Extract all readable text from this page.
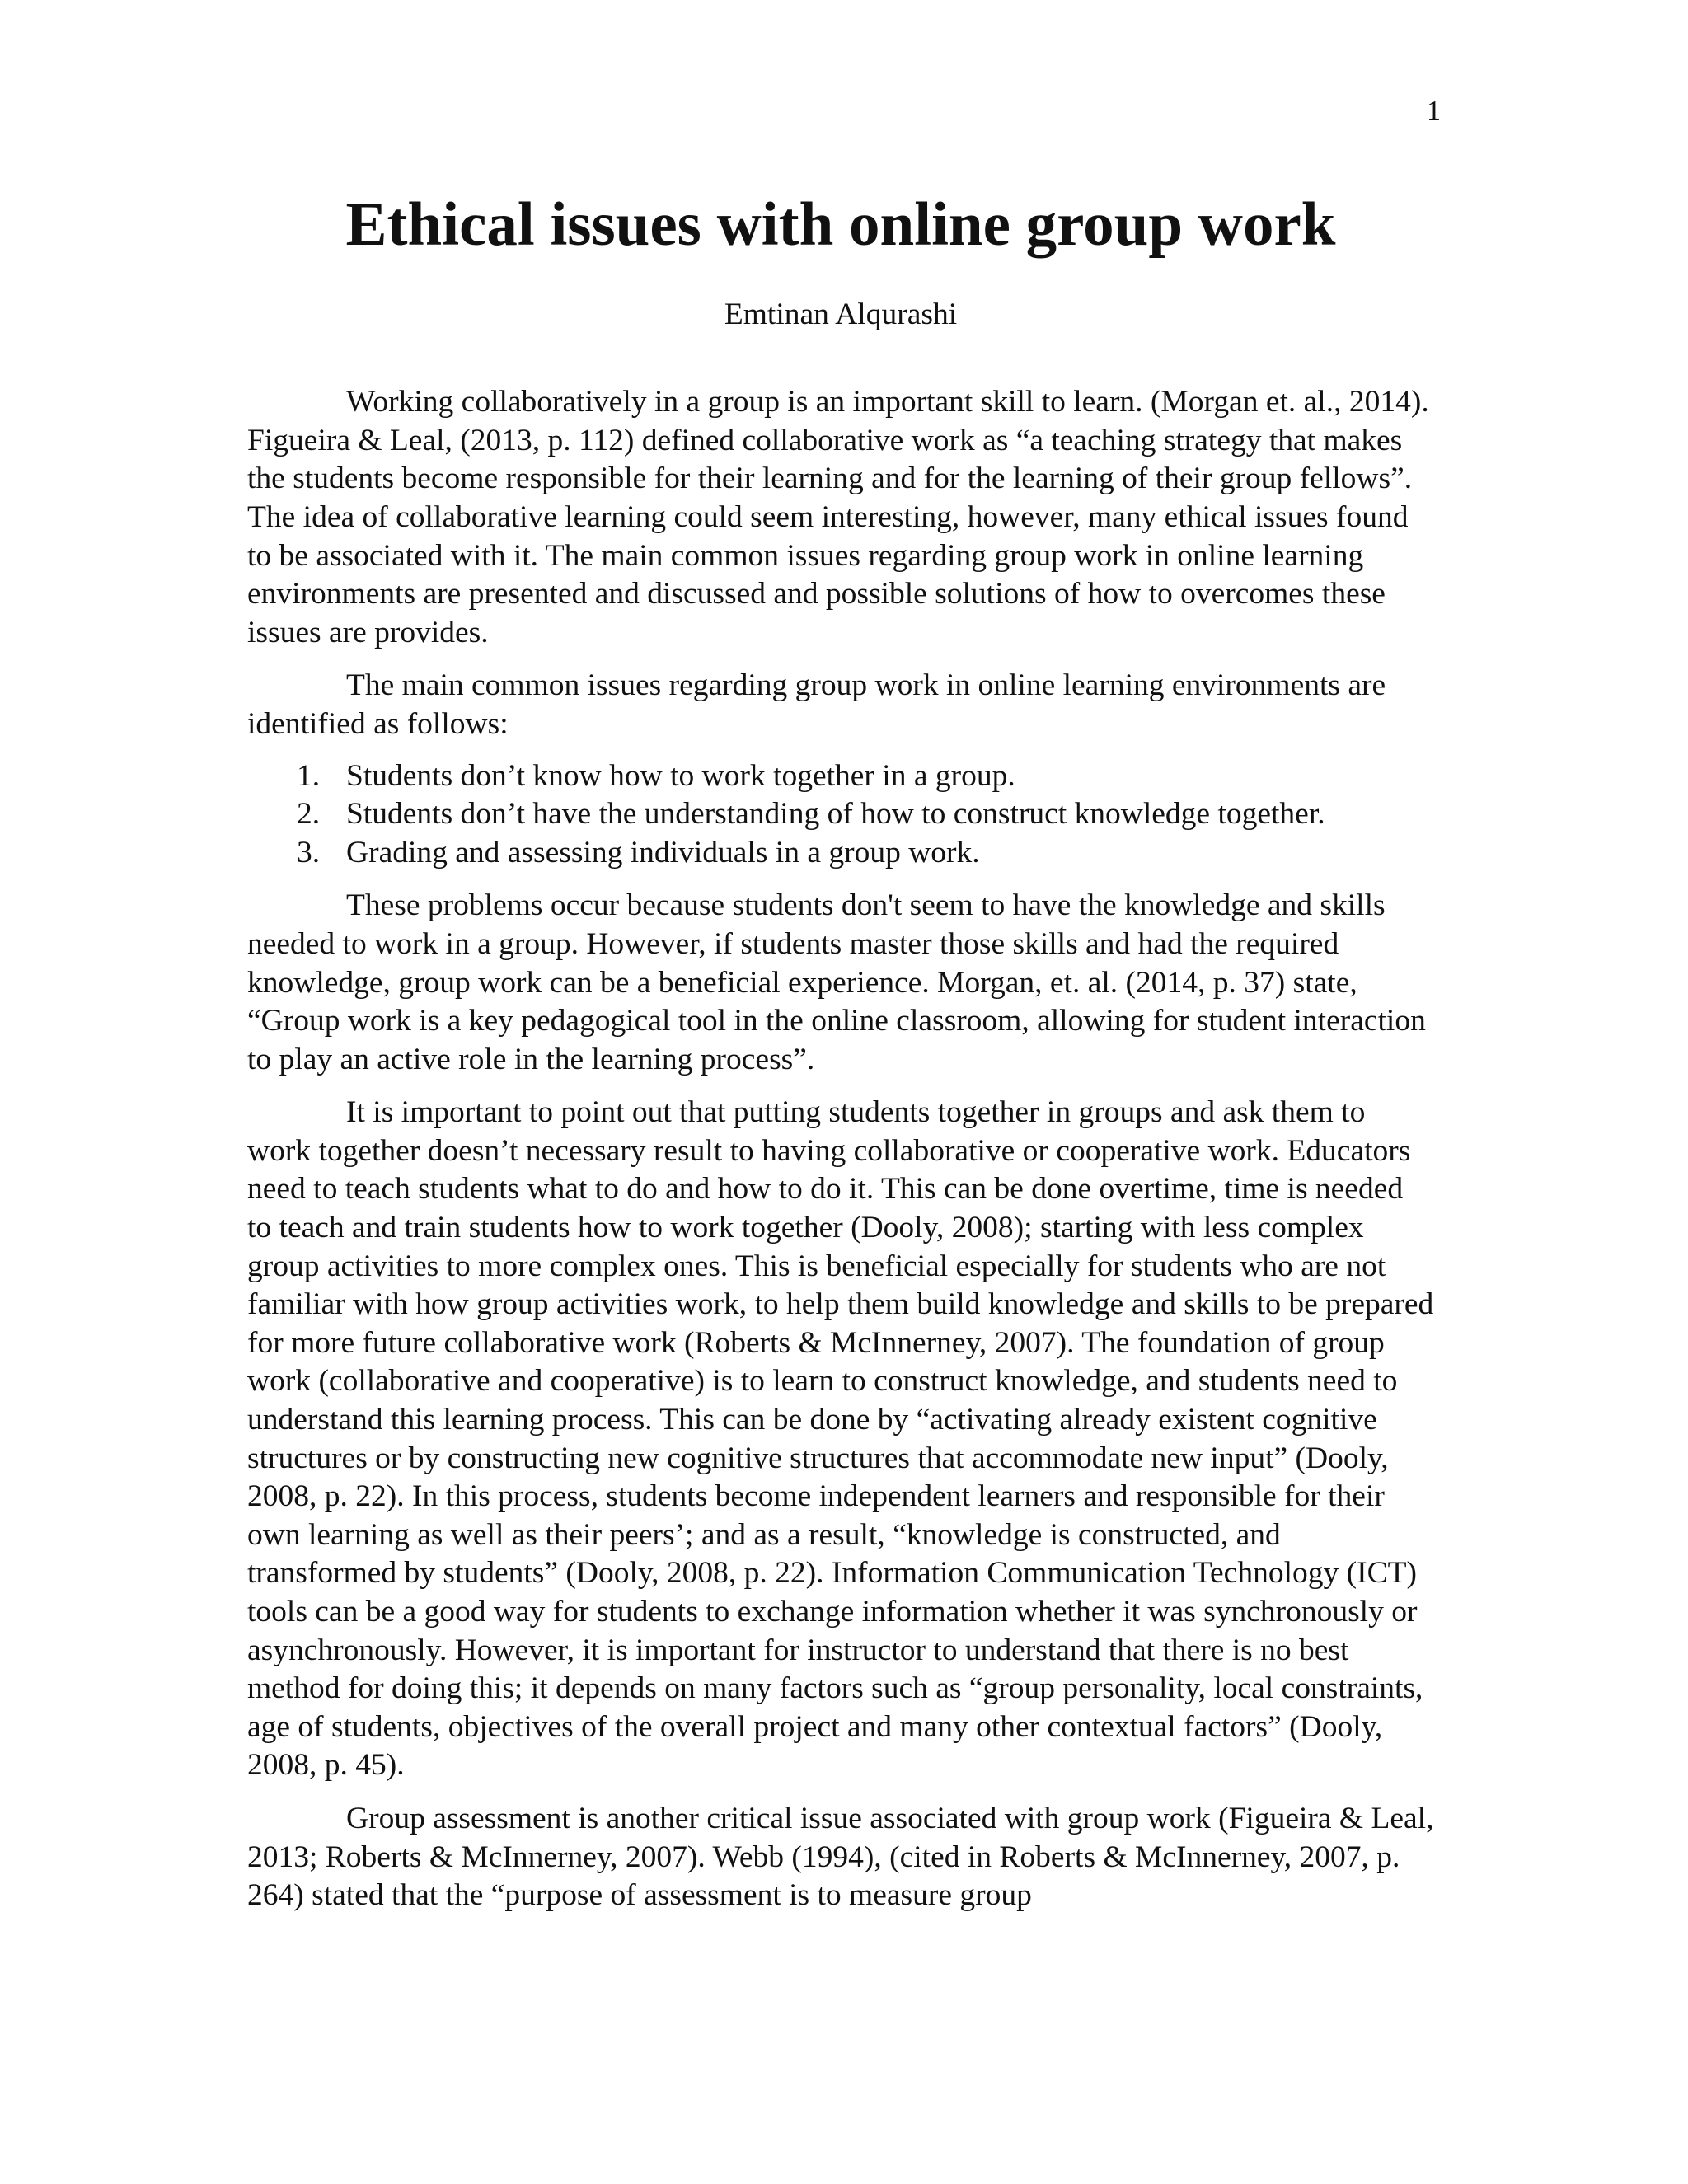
1
Ethical issues with online group work

Emtinan Alqurashi

Working collaboratively in a group is an important skill to learn. (Morgan et. al., 2014). Figueira & Leal, (2013, p. 112) defined collaborative work as “a teaching strategy that makes the students become responsible for their learning and for the learning of their group fellows”. The idea of collaborative learning could seem interesting, however, many ethical issues found to be associated with it. The main common issues regarding group work in online learning environments are presented and discussed and possible solutions of how to overcomes these issues are provides.

The main common issues regarding group work in online learning environments are identified as follows:

1. Students don’t know how to work together in a group.
2. Students don’t have the understanding of how to construct knowledge together.
3. Grading and assessing individuals in a group work.

These problems occur because students don't seem to have the knowledge and skills needed to work in a group. However, if students master those skills and had the required knowledge, group work can be a beneficial experience. Morgan, et. al. (2014, p. 37) state, “Group work is a key pedagogical tool in the online classroom, allowing for student interaction to play an active role in the learning process”.

It is important to point out that putting students together in groups and ask them to work together doesn’t necessary result to having collaborative or cooperative work. Educators need to teach students what to do and how to do it. This can be done overtime, time is needed to teach and train students how to work together (Dooly, 2008); starting with less complex group activities to more complex ones. This is beneficial especially for students who are not familiar with how group activities work, to help them build knowledge and skills to be prepared for more future collaborative work (Roberts & McInnerney, 2007). The foundation of group work (collaborative and cooperative) is to learn to construct knowledge, and students need to understand this learning process. This can be done by “activating already existent cognitive structures or by constructing new cognitive structures that accommodate new input” (Dooly, 2008, p. 22). In this process, students become independent learners and responsible for their own learning as well as their peers’; and as a result, “knowledge is constructed, and transformed by students” (Dooly, 2008, p. 22). Information Communication Technology (ICT) tools can be a good way for students to exchange information whether it was synchronously or asynchronously. However, it is important for instructor to understand that there is no best method for doing this; it depends on many factors such as “group personality, local constraints, age of students, objectives of the overall project and many other contextual factors” (Dooly, 2008, p. 45).

Group assessment is another critical issue associated with group work (Figueira & Leal, 2013; Roberts & McInnerney, 2007). Webb (1994), (cited in Roberts & McInnerney, 2007, p. 264) stated that the “purpose of assessment is to measure group
